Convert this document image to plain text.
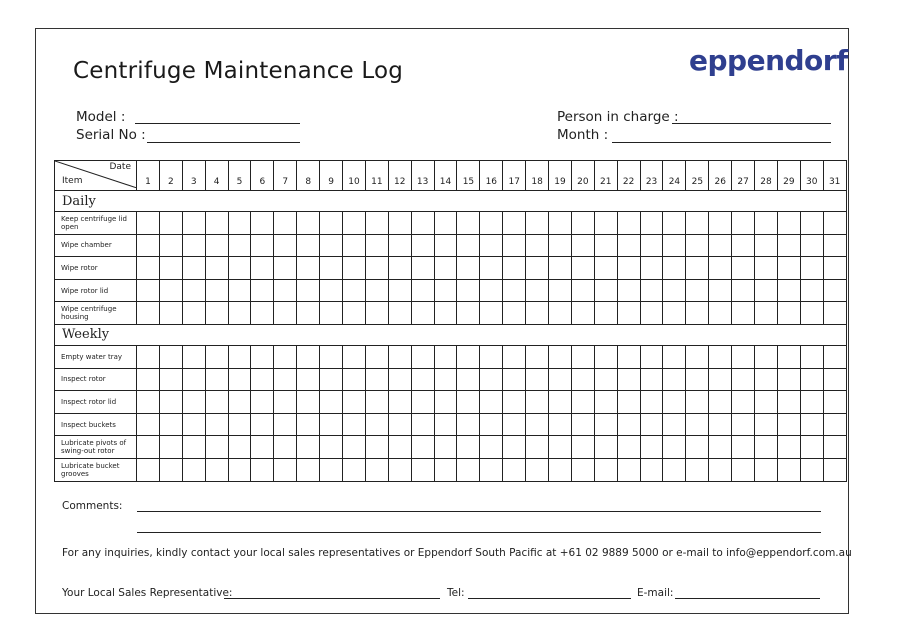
Centrifuge Maintenance Log	eppendorf
Model :
Serial No :
Person in charge :
Month :
Date
Item	1	2	3	4	5	6	7	8	9	10	11	12	13	14	15	16	17	18	19	20	21	22	23	24	25	26	27	28	29	30	31
Daily																															
Keep centrifuge lid open																															
Wipe chamber																															
Wipe rotor																															
Wipe rotor lid																															
Wipe centrifuge housing																															
Weekly																															
Empty water tray																															
Inspect rotor																															
Inspect rotor lid																															
Inspect buckets																															
Lubricate pivots of swing-out rotor																															
Lubricate bucket grooves																															
Comments:
For any inquiries, kindly contact your local sales representatives or Eppendorf South Pacific at +61 02 9889 5000 or e-mail to info@eppendorf.com.au
Your Local Sales Representative:	Tel:	E-mail:
